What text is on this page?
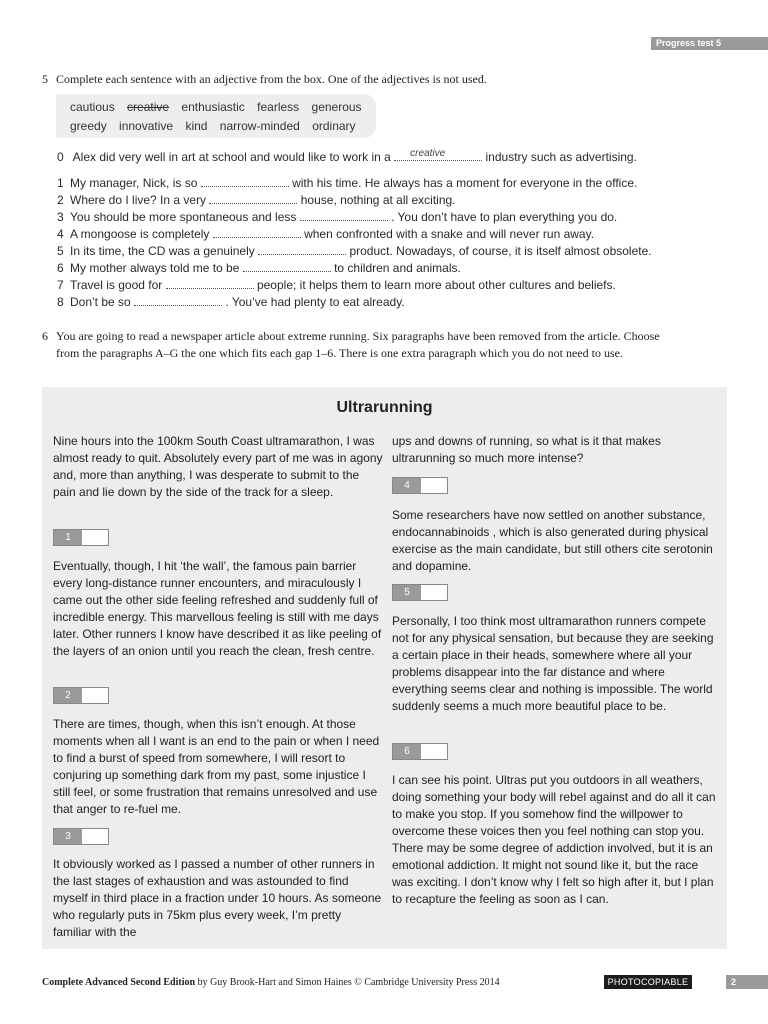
Progress test 5
5 Complete each sentence with an adjective from the box. One of the adjectives is not used.
cautious creative enthusiastic fearless generous
greedy innovative kind narrow-minded ordinary
0 Alex did very well in art at school and would like to work in a creative	industry such as advertising.
1 My manager, Nick, is so	with his time. He always has a moment for everyone in the office.
2 Where do I live? In a very	house, nothing at all exciting.
3 You should be more spontaneous and less	. You don’t have to plan everything you do.
4 A mongoose is completely	when confronted with a snake and will never run away.
5 In its time, the CD was a genuinely	product. Nowadays, of course, it is itself almost obsolete.
6 My mother always told me to be	to children and animals.
7 Travel is good for	people; it helps them to learn more about other cultures and beliefs.
8 Don’t be so	. You’ve had plenty to eat already.
6 You are going to read a newspaper article about extreme running. Six paragraphs have been removed from the article. Choose from the paragraphs A–G the one which fits each gap 1–6. There is one extra paragraph which you do not need to use.
Ultrarunning

Nine hours into the 100km South Coast ultramarathon, I was almost ready to quit. Absolutely every part of me was in agony and, more than anything, I was desperate to submit to the pain and lie down by the side of the track for a sleep.

1

Eventually, though, I hit ‘the wall’, the famous pain barrier every long-distance runner encounters, and miraculously I came out the other side feeling refreshed and suddenly full of incredible energy. This marvellous feeling is still with me days later. Other runners I know have described it as like peeling of the layers of an onion until you reach the clean, fresh centre.

2

There are times, though, when this isn’t enough. At those moments when all I want is an end to the pain or when I need to find a burst of speed from somewhere, I will resort to conjuring up something dark from my past, some injustice I still feel, or some frustration that remains unresolved and use that anger to re-fuel me.

3

It obviously worked as I passed a number of other runners in the last stages of exhaustion and was astounded to find myself in third place in a fraction under 10 hours. As someone who regularly puts in 75km plus every week, I’m pretty familiar with the

ups and downs of running, so what is it that makes ultrarunning so much more intense?

4

Some researchers have now settled on another substance, endocannabinoids , which is also generated during physical exercise as the main candidate, but still others cite serotonin and dopamine.

5

Personally, I too think most ultramarathon runners compete not for any physical sensation, but because they are seeking a certain place in their heads, somewhere where all your problems disappear into the far distance and where everything seems clear and nothing is impossible. The world suddenly seems a much more beautiful place to be.

6

I can see his point. Ultras put you outdoors in all weathers, doing something your body will rebel against and do all it can to make you stop. If you somehow find the willpower to overcome these voices then you feel nothing can stop you. There may be some degree of addiction involved, but it is an emotional addiction. It might not sound like it, but the race was exciting. I don’t know why I felt so high after it, but I plan to recapture the feeling as soon as I can.

Complete Advanced Second Edition by Guy Brook-Hart and Simon Haines © Cambridge University Press 2014	PHOTOCOPIABLE	2
